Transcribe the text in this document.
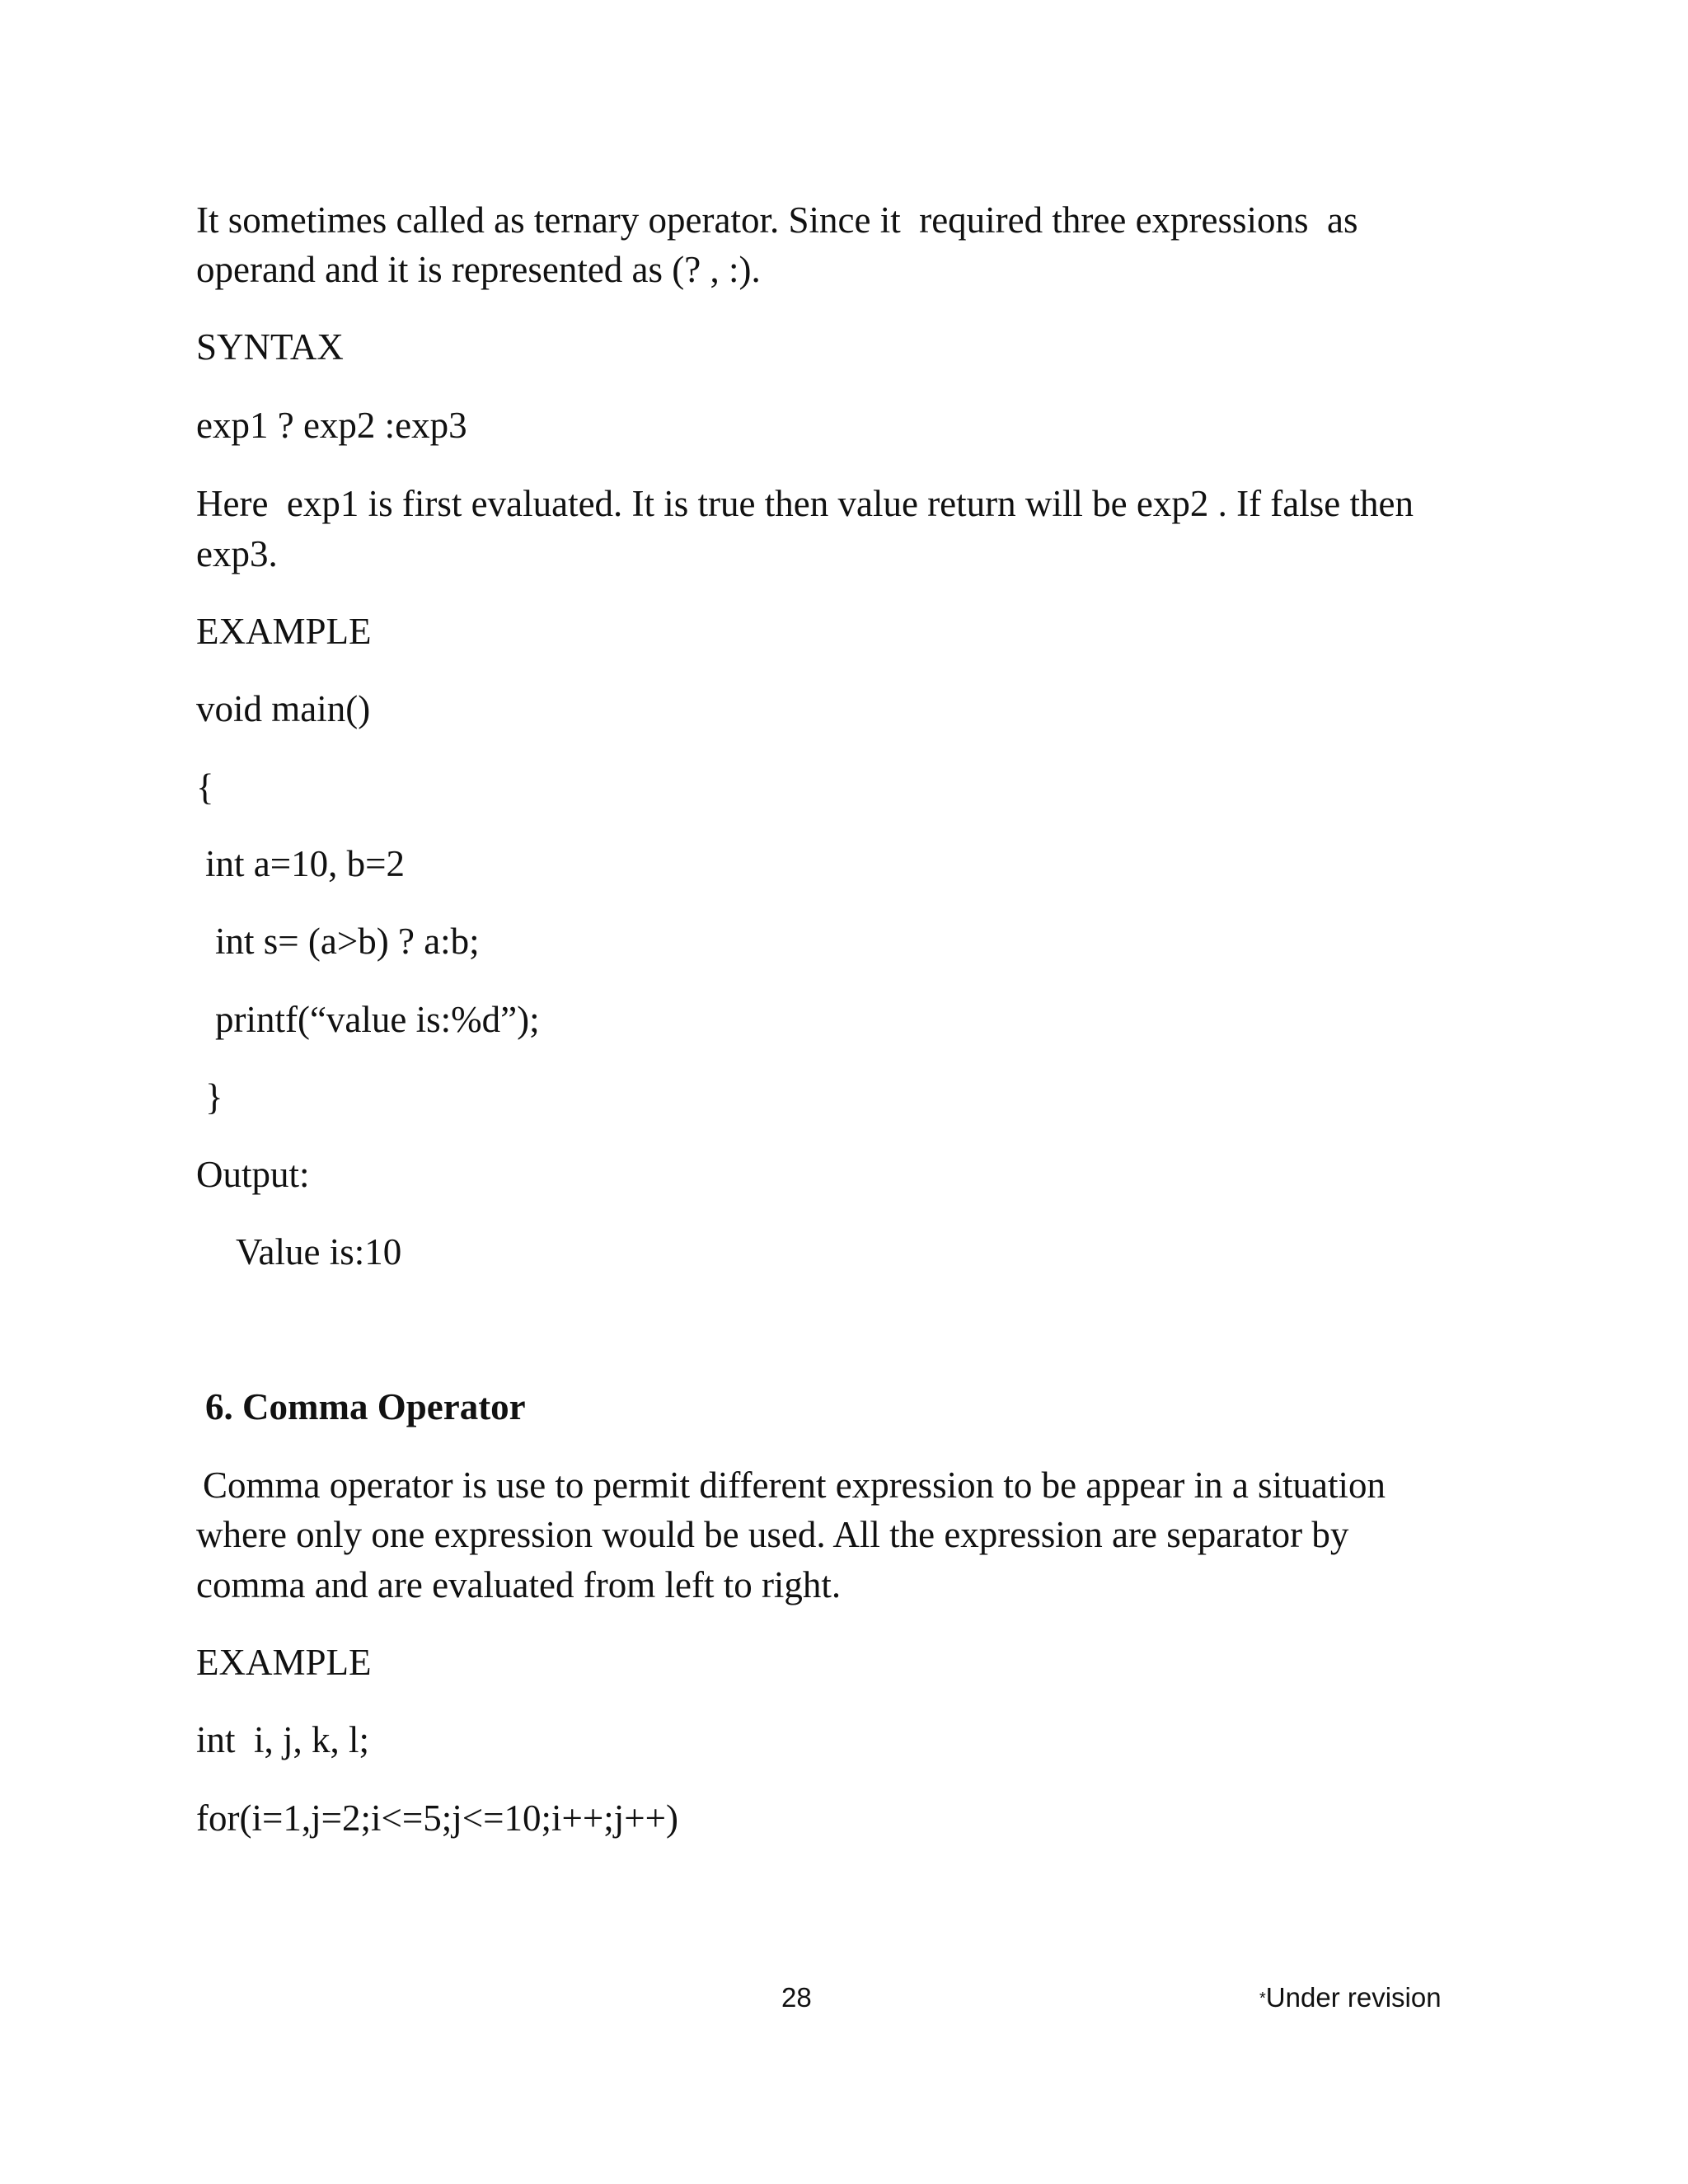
It sometimes called as ternary operator. Since it  required three expressions  as

operand and it is represented as (? , :).

SYNTAX

exp1 ? exp2 :exp3

Here  exp1 is first evaluated. It is true then value return will be exp2 . If false then

exp3.

EXAMPLE

void main()

{

int a=10, b=2

int s= (a>b) ? a:b;

printf(“value is:%d”);

}

Output:

Value is:10

6. Comma Operator

Comma operator is use to permit different expression to be appear in a situation

where only one expression would be used. All the expression are separator by

comma and are evaluated from left to right.

EXAMPLE

int  i, j, k, l;

for(i=1,j=2;i<=5;j<=10;i++;j++)

28	*Under revision
